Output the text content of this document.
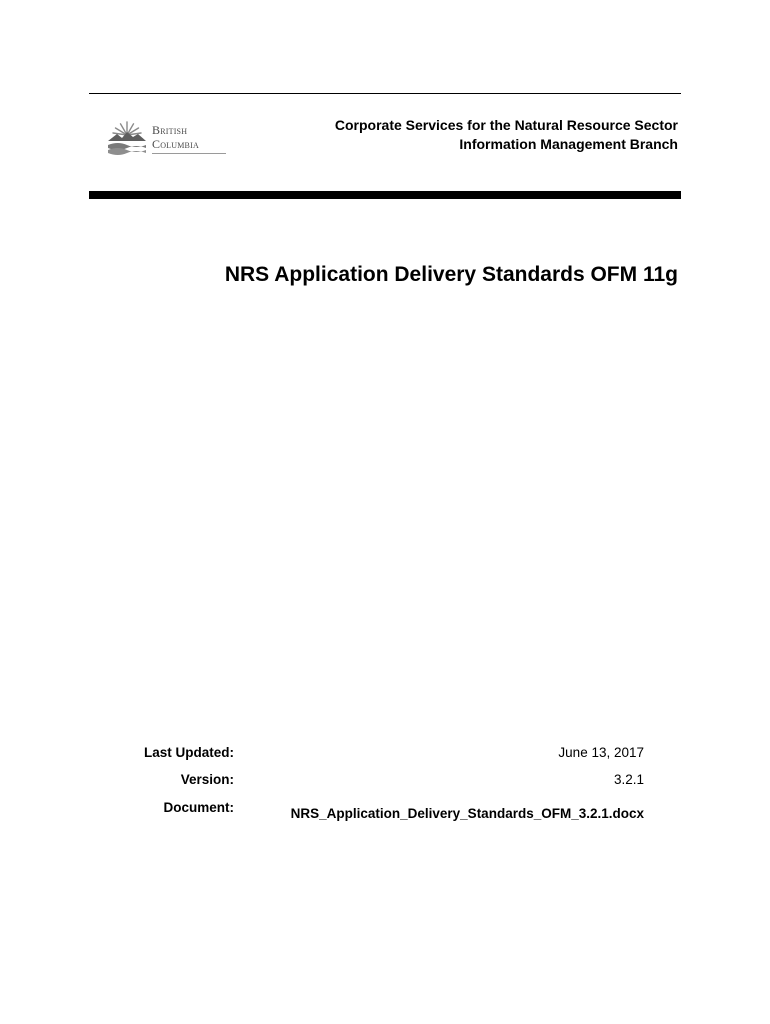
British
Columbia
Corporate Services for the Natural Resource Sector
Information Management Branch
NRS Application Delivery Standards OFM 11g
Last Updated:	June 13, 2017
Version:	3.2.1
Document:	NRS_Application_Delivery_Standards_OFM_3.2.1.docx
